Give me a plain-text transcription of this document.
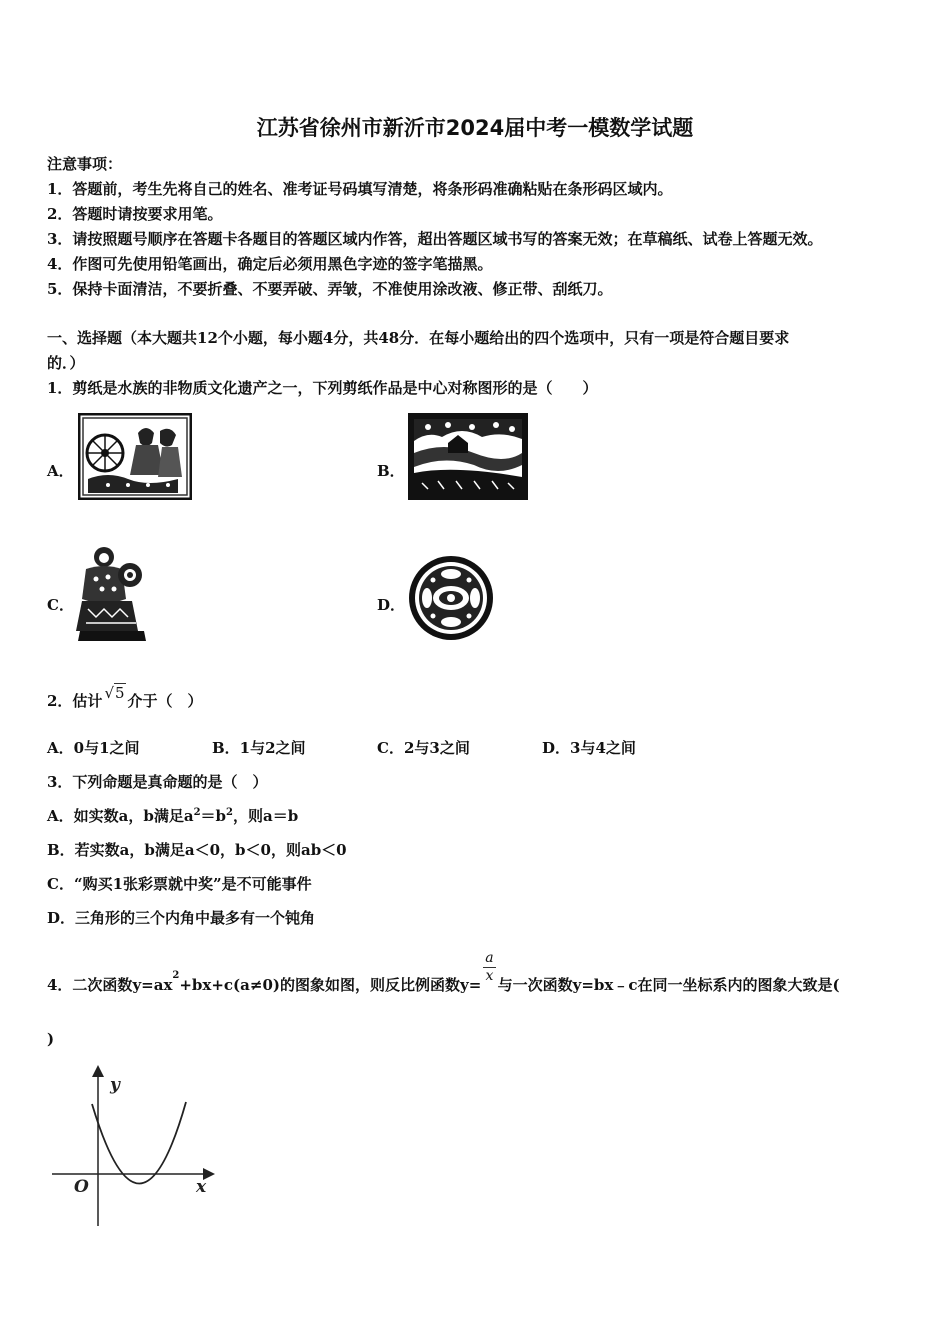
江苏省徐州市新沂市2024届中考一模数学试题
注意事项：
1．答题前，考生先将自己的姓名、准考证号码填写清楚，将条形码准确粘贴在条形码区域内。
2．答题时请按要求用笔。
3．请按照题号顺序在答题卡各题目的答题区域内作答，超出答题区域书写的答案无效；在草稿纸、试卷上答题无效。
4．作图可先使用铅笔画出，确定后必须用黑色字迹的签字笔描黑。
5．保持卡面清洁，不要折叠、不要弄破、弄皱，不准使用涂改液、修正带、刮纸刀。
一、选择题（本大题共12个小题，每小题4分，共48分．在每小题给出的四个选项中，只有一项是符合题目要求
的．）
1．剪纸是水族的非物质文化遗产之一，下列剪纸作品是中心对称图形的是（　　）
A．	B．
C．	D．
2．估计 √5 介于（　）
A．0与1之间	B．1与2之间	C．2与3之间	D．3与4之间
3．下列命题是真命题的是（　）
A．如实数a，b满足$a^2=b^2$，则a＝b
B．若实数a，b满足a＜0，b＜0，则ab＜0
C．“购买1张彩票就中奖”是不可能事件
D．三角形的三个内角中最多有一个钝角
4．二次函数$y=ax^2+bx+c(a\ne 0)$的图象如图，则反比例函数$y= \frac{a}{x}$ 与一次函数y=bx﹣c在同一坐标系内的图象大致是(
)
y
x
O
